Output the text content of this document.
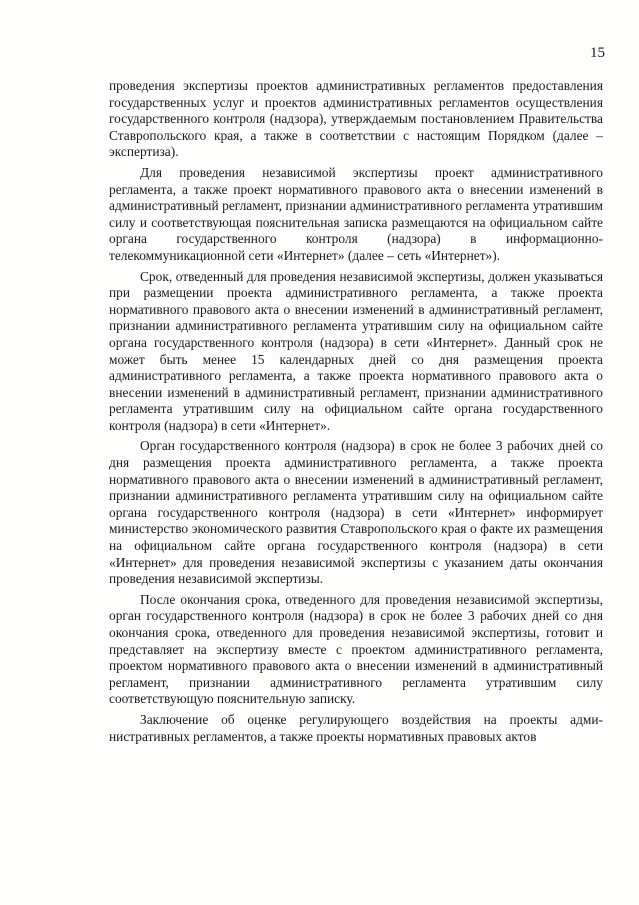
15

проведения экспертизы проектов административных регламентов предоставления государственных услуг и проектов административных регламентов осуществления государственного контроля (надзора), утверждаемым постановлением Правительства Ставропольского края, а также в соответствии с настоящим Порядком (далее – экспертиза).

Для проведения независимой экспертизы проект административного регламента, а также проект нормативного правового акта о внесении изменений в административный регламент, признании административного регламента утратившим силу и соответствующая пояснительная записка размещаются на официальном сайте органа государственного контроля (надзора) в информационно-телекоммуникационной сети «Интернет» (далее – сеть «Интернет»).

Срок, отведенный для проведения независимой экспертизы, должен указываться при размещении проекта административного регламента, а также проекта нормативного правового акта о внесении изменений в административный регламент, признании административного регламента утратившим силу на официальном сайте органа государственного контроля (надзора) в сети «Интернет». Данный срок не может быть менее 15 календарных дней со дня размещения проекта административного регламента, а также проекта нормативного правового акта о внесении изменений в административный регламент, признании административного регламента утратившим силу на официальном сайте органа государственного контроля (надзора) в сети «Интернет».

Орган государственного контроля (надзора) в срок не более 3 рабочих дней со дня размещения проекта административного регламента, а также проекта нормативного правового акта о внесении изменений в административный регламент, признании административного регламента утратившим силу на официальном сайте органа государственного контроля (надзора) в сети «Интернет» информирует министерство экономического развития Ставропольского края о факте их размещения на официальном сайте органа государственного контроля (надзора) в сети «Интернет» для проведения независимой экспертизы с указанием даты окончания проведения независимой экспертизы.

После окончания срока, отведенного для проведения независимой экспертизы, орган государственного контроля (надзора) в срок не более 3 рабочих дней со дня окончания срока, отведенного для проведения независимой экспертизы, готовит и представляет на экспертизу вместе с проектом административного регламента, проектом нормативного правового акта о внесении изменений в административный регламент, признании административного регламента утратившим силу соответствующую пояснительную записку.

Заключение об оценке регулирующего воздействия на проекты административных регламентов, а также проекты нормативных правовых актов
